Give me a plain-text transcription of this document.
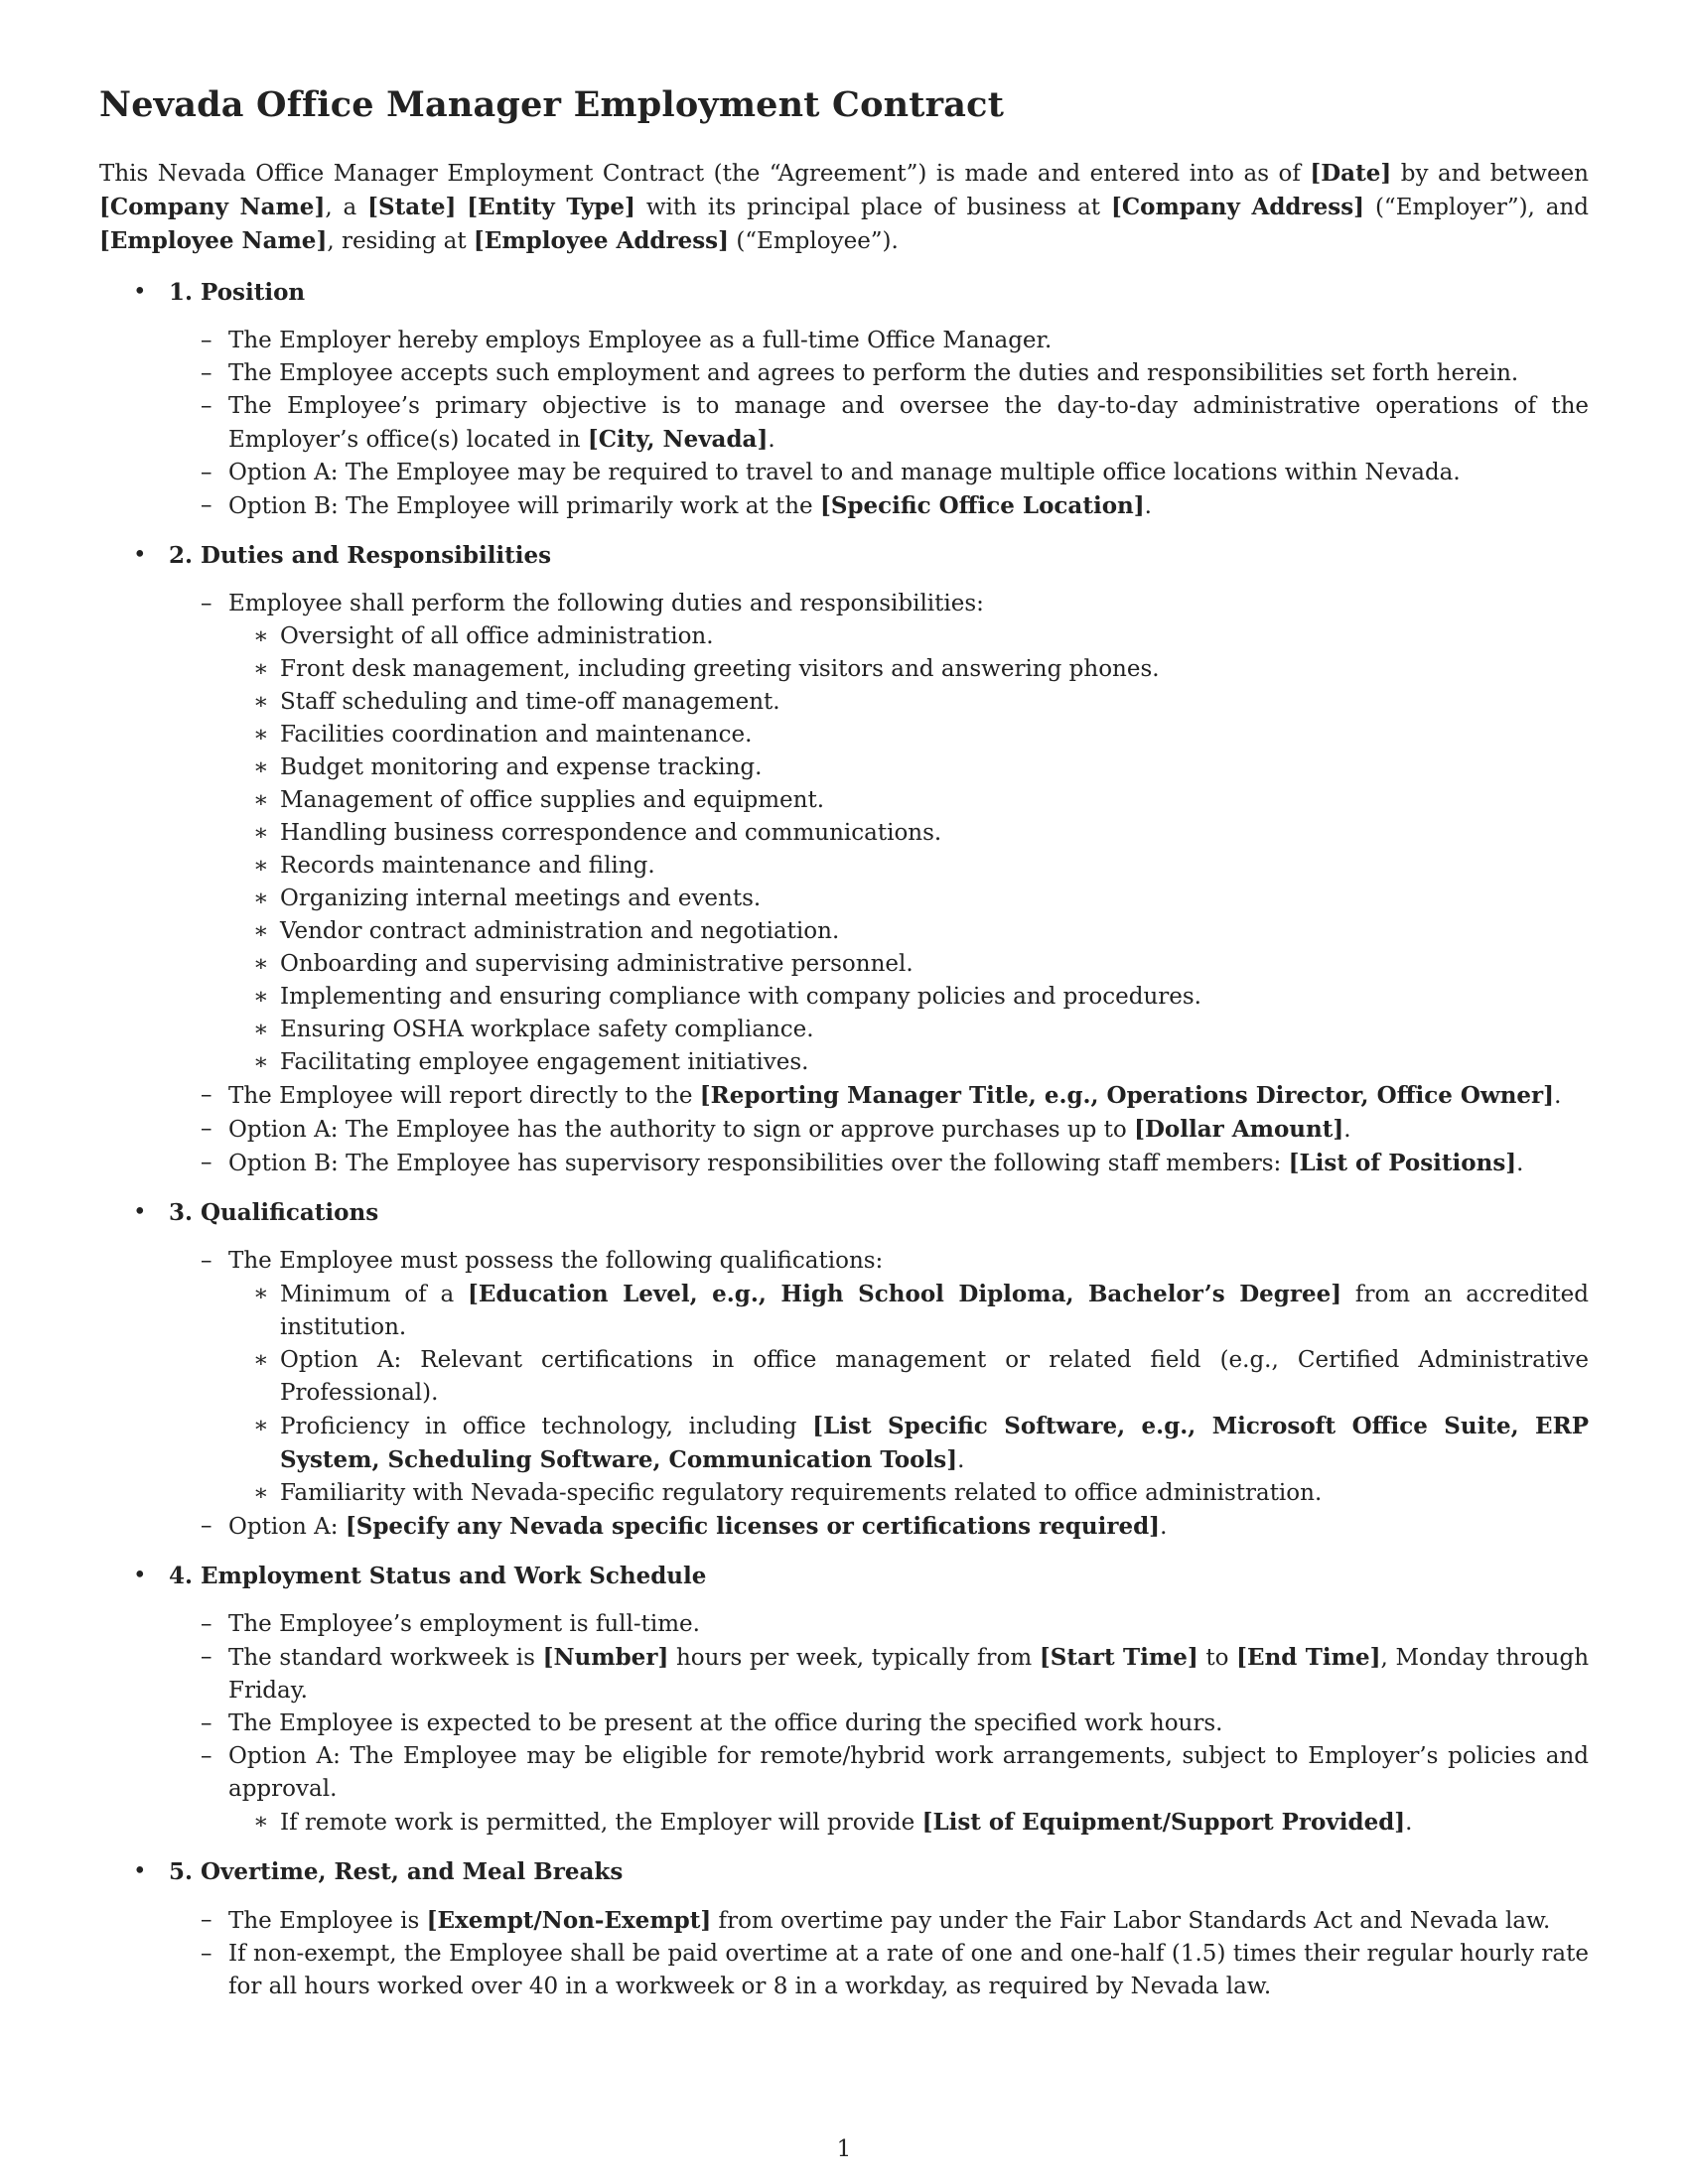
Nevada Office Manager Employment Contract

This Nevada Office Manager Employment Contract (the “Agreement”) is made and entered into as of [Date] by and between [Company Name], a [State] [Entity Type] with its principal place of business at [Company Address] (“Employer”), and [Employee Name], residing at [Employee Address] (“Employee”).

• 1. Position
– The Employer hereby employs Employee as a full-time Office Manager.
– The Employee accepts such employment and agrees to perform the duties and responsibilities set forth herein.
– The Employee’s primary objective is to manage and oversee the day-to-day administrative operations of the Employer’s office(s) located in [City, Nevada].
– Option A: The Employee may be required to travel to and manage multiple office locations within Nevada.
– Option B: The Employee will primarily work at the [Specific Office Location].
• 2. Duties and Responsibilities
– Employee shall perform the following duties and responsibilities:
∗ Oversight of all office administration.
∗ Front desk management, including greeting visitors and answering phones.
∗ Staff scheduling and time-off management.
∗ Facilities coordination and maintenance.
∗ Budget monitoring and expense tracking.
∗ Management of office supplies and equipment.
∗ Handling business correspondence and communications.
∗ Records maintenance and filing.
∗ Organizing internal meetings and events.
∗ Vendor contract administration and negotiation.
∗ Onboarding and supervising administrative personnel.
∗ Implementing and ensuring compliance with company policies and procedures.
∗ Ensuring OSHA workplace safety compliance.
∗ Facilitating employee engagement initiatives.
– The Employee will report directly to the [Reporting Manager Title, e.g., Operations Director, Office Owner].
– Option A: The Employee has the authority to sign or approve purchases up to [Dollar Amount].
– Option B: The Employee has supervisory responsibilities over the following staff members: [List of Positions].
• 3. Qualifications
– The Employee must possess the following qualifications:
∗ Minimum of a [Education Level, e.g., High School Diploma, Bachelor’s Degree] from an accredited institution.
∗ Option A: Relevant certifications in office management or related field (e.g., Certified Administrative Professional).
∗ Proficiency in office technology, including [List Specific Software, e.g., Microsoft Office Suite, ERP System, Scheduling Software, Communication Tools].
∗ Familiarity with Nevada-specific regulatory requirements related to office administration.
– Option A: [Specify any Nevada specific licenses or certifications required].
• 4. Employment Status and Work Schedule
– The Employee’s employment is full-time.
– The standard workweek is [Number] hours per week, typically from [Start Time] to [End Time], Monday through Friday.
– The Employee is expected to be present at the office during the specified work hours.
– Option A: The Employee may be eligible for remote/hybrid work arrangements, subject to Employer’s policies and approval.
∗ If remote work is permitted, the Employer will provide [List of Equipment/Support Provided].
• 5. Overtime, Rest, and Meal Breaks
– The Employee is [Exempt/Non-Exempt] from overtime pay under the Fair Labor Standards Act and Nevada law.
– If non-exempt, the Employee shall be paid overtime at a rate of one and one-half (1.5) times their regular hourly rate for all hours worked over 40 in a workweek or 8 in a workday, as required by Nevada law.
1
